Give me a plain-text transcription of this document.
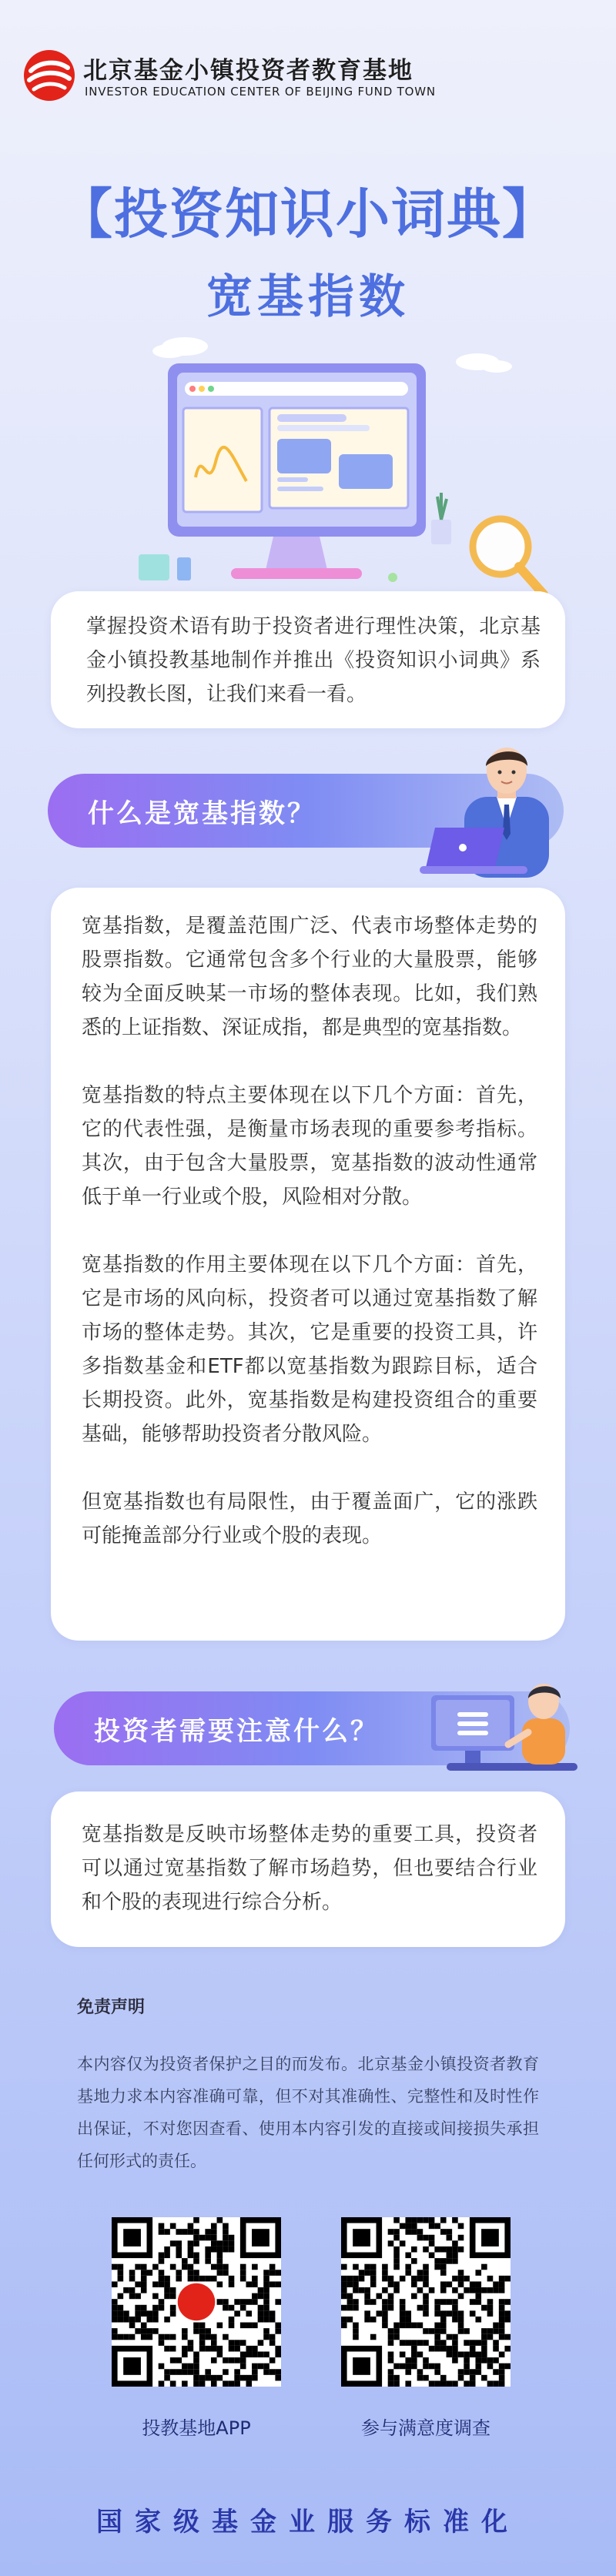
北京基金小镇投资者教育基地
INVESTOR EDUCATION CENTER OF BEIJING FUND TOWN
【投资知识小词典】
宽基指数

掌握投资术语有助于投资者进行理性决策，北京基金小镇投教基地制作并推出《投资知识小词典》系列投教长图，让我们来看一看。

什么是宽基指数？

宽基指数，是覆盖范围广泛、代表市场整体走势的股票指数。它通常包含多个行业的大量股票，能够较为全面反映某一市场的整体表现。比如，我们熟悉的上证指数、深证成指，都是典型的宽基指数。

宽基指数的特点主要体现在以下几个方面：首先，它的代表性强，是衡量市场表现的重要参考指标。其次，由于包含大量股票，宽基指数的波动性通常低于单一行业或个股，风险相对分散。

宽基指数的作用主要体现在以下几个方面：首先，它是市场的风向标，投资者可以通过宽基指数了解市场的整体走势。其次，它是重要的投资工具，许多指数基金和ETF都以宽基指数为跟踪目标，适合长期投资。此外，宽基指数是构建投资组合的重要基础，能够帮助投资者分散风险。

但宽基指数也有局限性，由于覆盖面广，它的涨跌可能掩盖部分行业或个股的表现。

投资者需要注意什么？

宽基指数是反映市场整体走势的重要工具，投资者可以通过宽基指数了解市场趋势，但也要结合行业和个股的表现进行综合分析。

免责声明
本内容仅为投资者保护之目的而发布。北京基金小镇投资者教育基地力求本内容准确可靠，但不对其准确性、完整性和及时性作出保证，不对您因查看、使用本内容引发的直接或间接损失承担任何形式的责任。
投教基地APP	参与满意度调查
国家级基金业服务标准化
